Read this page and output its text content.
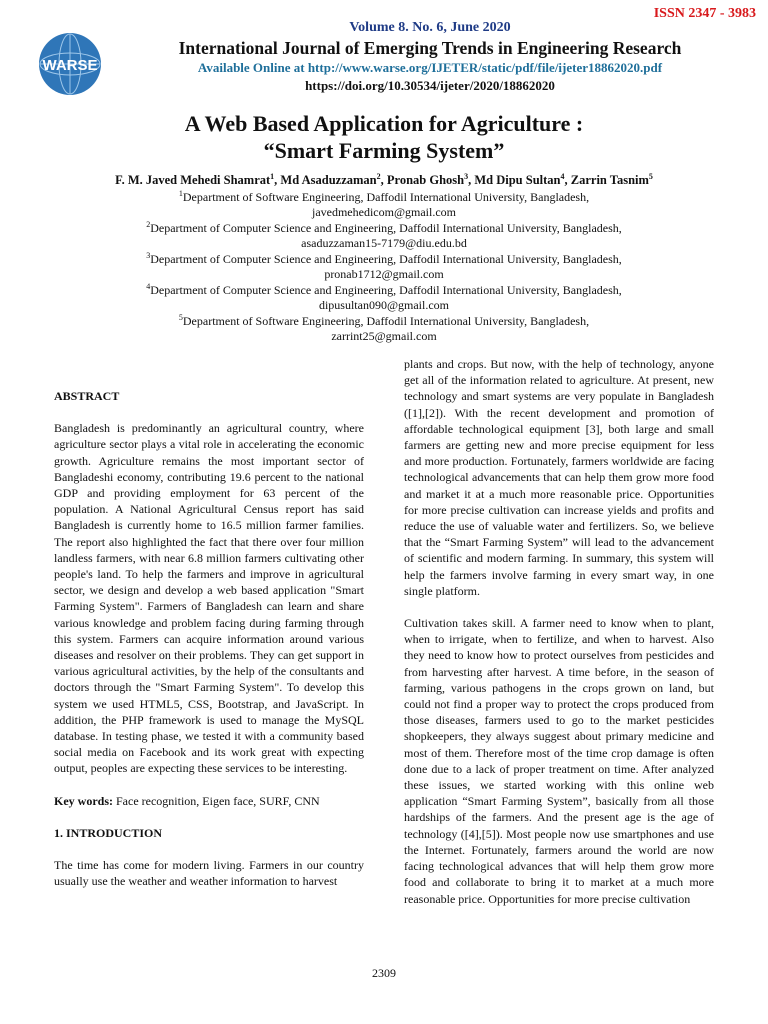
ISSN 2347 - 3983
WARSE
Volume 8. No. 6, June 2020
International Journal of Emerging Trends in Engineering Research
Available Online at http://www.warse.org/IJETER/static/pdf/file/ijeter18862020.pdf
https://doi.org/10.30534/ijeter/2020/18862020
A Web Based Application for Agriculture :
“Smart Farming System”
F. M. Javed Mehedi Shamrat$^1$, Md Asaduzzaman$^2$, Pronab Ghosh$^3$, Md Dipu Sultan$^4$, Zarrin Tasnim$^5$
$^1$Department of Software Engineering, Daffodil International University, Bangladesh,
javedmehedicom@gmail.com
$^2$Department of Computer Science and Engineering, Daffodil International University, Bangladesh,
asaduzzaman15-7179@diu.edu.bd
$^3$Department of Computer Science and Engineering, Daffodil International University, Bangladesh,
pronab1712@gmail.com
$^4$Department of Computer Science and Engineering, Daffodil International University, Bangladesh,
dipusultan090@gmail.com
$^5$Department of Software Engineering, Daffodil International University, Bangladesh,
zarrint25@gmail.com

ABSTRACT

Bangladesh is predominantly an agricultural country, where agriculture sector plays a vital role in accelerating the economic growth. Agriculture remains the most important sector of Bangladeshi economy, contributing 19.6 percent to the national GDP and providing employment for 63 percent of the population. A National Agricultural Census report has said Bangladesh is currently home to 16.5 million farmer families. The report also highlighted the fact that there over four million landless farmers, with near 6.8 million farmers cultivating other people's land. To help the farmers and improve in agricultural sector, we design and develop a web based application "Smart Farming System". Farmers of Bangladesh can learn and share various knowledge and problem facing during farming through this system. Farmers can acquire information around various diseases and resolver on their problems. They can get support in various agricultural activities, by the help of the consultants and doctors through the "Smart Farming System". To develop this system we used HTML5, CSS, Bootstrap, and JavaScript. In addition, the PHP framework is used to manage the MySQL database. In testing phase, we tested it with a community based social media on Facebook and its work great with expecting output, peoples are expecting these services to be interesting.

Key words: Face recognition, Eigen face, SURF, CNN

1. INTRODUCTION

The time has come for modern living. Farmers in our country usually use the weather and weather information to harvest

plants and crops. But now, with the help of technology, anyone get all of the information related to agriculture. At present, new technology and smart systems are very populate in Bangladesh ([1],[2]). With the recent development and promotion of affordable technological equipment [3], both large and small farmers are getting new and more precise equipment for less and more production. Fortunately, farmers worldwide are facing technological advancements that can help them grow more food and market it at a much more reasonable price. Opportunities for more precise cultivation can increase yields and profits and reduce the use of valuable water and fertilizers. So, we believe that the “Smart Farming System” will lead to the advancement of scientific and modern farming. In summary, this system will help the farmers involve farming in every smart way, in one single platform.

Cultivation takes skill. A farmer need to know when to plant, when to irrigate, when to fertilize, and when to harvest. Also they need to know how to protect ourselves from pesticides and from harvesting after harvest. A time before, in the season of farming, various pathogens in the crops grown on land, but could not find a proper way to protect the crops produced from those diseases, farmers used to go to the market pesticides shopkeepers, they always suggest about primary medicine and most of them. Therefore most of the time crop damage is often done due to a lack of proper treatment on time. After analyzed these issues, we started working with this online web application “Smart Farming System”, basically from all those hardships of the farmers. And the present age is the age of technology ([4],[5]). Most people now use smartphones and use the Internet. Fortunately, farmers around the world are now facing technological advances that will help them grow more food and collaborate to bring it to market at a much more reasonable price. Opportunities for more precise cultivation

2309
